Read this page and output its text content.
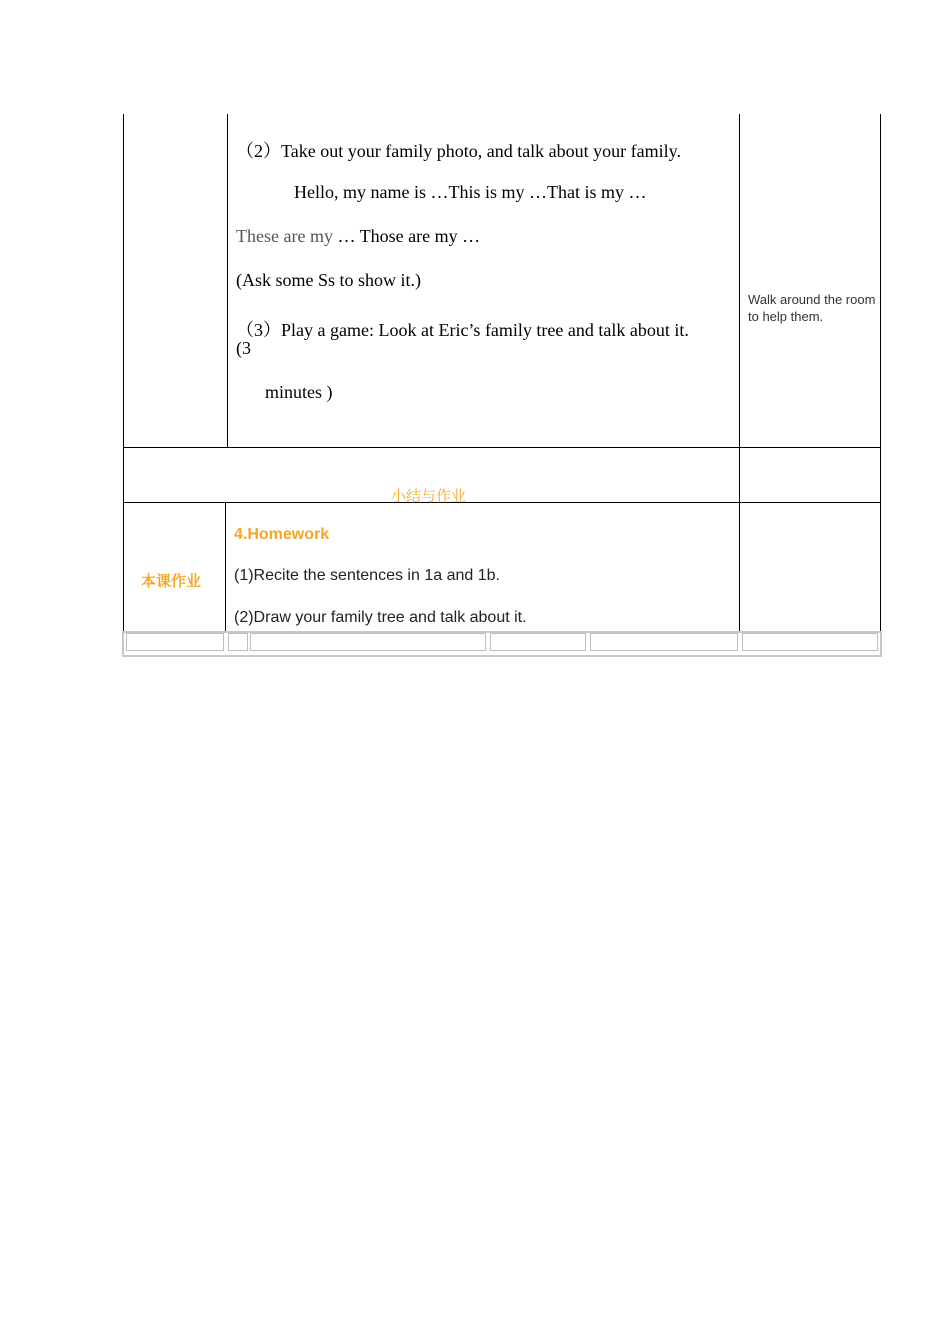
（2）Take out your family photo, and talk about your family.
Hello, my name is …This is my …That is my …
These are my … Those are my …
(Ask some Ss to show it.)
（3）Play a game: Look at Eric’s family tree and talk about it.
(3
minutes )
Walk around the room to help them.
小结与作业
本课作业
4.Homework
(1)Recite the sentences in 1a and 1b.
(2)Draw your family tree and talk about it.
